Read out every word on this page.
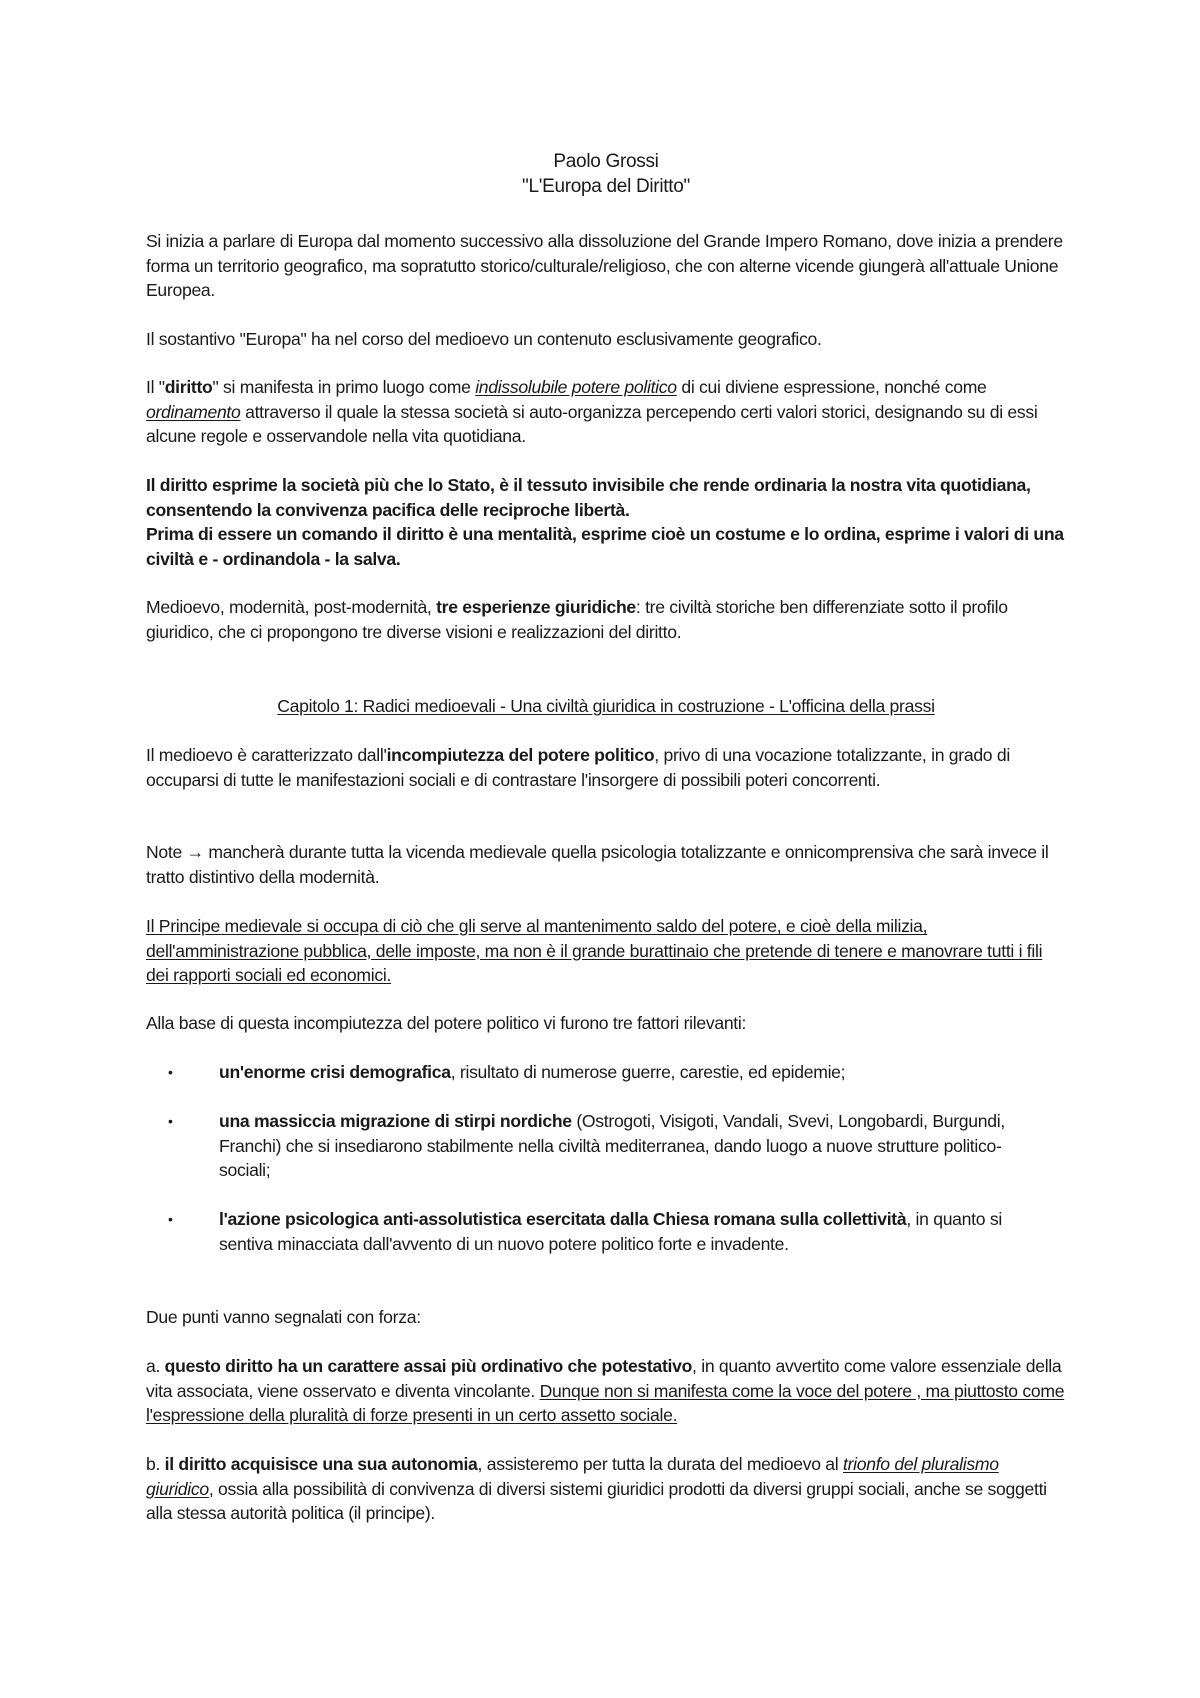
Paolo Grossi

"L'Europa del Diritto"

Si inizia a parlare di Europa dal momento successivo alla dissoluzione del Grande Impero Romano, dove inizia a prendere forma un territorio geografico, ma sopratutto storico/culturale/religioso, che con alterne vicende giungerà all'attuale Unione Europea.

Il sostantivo "Europa" ha nel corso del medioevo un contenuto esclusivamente geografico.

Il "diritto" si manifesta in primo luogo come indissolubile potere politico di cui diviene espressione, nonché come ordinamento attraverso il quale la stessa società si auto-organizza percependo certi valori storici, designando su di essi alcune regole e osservandole nella vita quotidiana.

Il diritto esprime la società più che lo Stato, è il tessuto invisibile che rende ordinaria la nostra vita quotidiana, consentendo la convivenza pacifica delle reciproche libertà.

Prima di essere un comando il diritto è una mentalità, esprime cioè un costume e lo ordina, esprime i valori di una civiltà e - ordinandola - la salva.

Medioevo, modernità, post-modernità, tre esperienze giuridiche: tre civiltà storiche ben differenziate sotto il profilo giuridico, che ci propongono tre diverse visioni e realizzazioni del diritto.

Capitolo 1: Radici medioevali - Una civiltà giuridica in costruzione - L'officina della prassi

Il medioevo è caratterizzato dall'incompiutezza del potere politico, privo di una vocazione totalizzante, in grado di occuparsi di tutte le manifestazioni sociali e di contrastare l'insorgere di possibili poteri concorrenti.

Note → mancherà durante tutta la vicenda medievale quella psicologia totalizzante e onnicomprensiva che sarà invece il tratto distintivo della modernità.

Il Principe medievale si occupa di ciò che gli serve al mantenimento saldo del potere, e cioè della milizia, dell'amministrazione pubblica, delle imposte, ma non è il grande burattinaio che pretende di tenere e manovrare tutti i fili dei rapporti sociali ed economici.

Alla base di questa incompiutezza del potere politico vi furono tre fattori rilevanti:

•	un'enorme crisi demografica, risultato di numerose guerre, carestie, ed epidemie;

•	una massiccia migrazione di stirpi nordiche (Ostrogoti, Visigoti, Vandali, Svevi, Longobardi, Burgundi, Franchi) che si insediarono stabilmente nella civiltà mediterranea, dando luogo a nuove strutture politico-sociali;

•	l'azione psicologica anti-assolutistica esercitata dalla Chiesa romana sulla collettività, in quanto si sentiva minacciata dall'avvento di un nuovo potere politico forte e invadente.

Due punti vanno segnalati con forza:

a. questo diritto ha un carattere assai più ordinativo che potestativo, in quanto avvertito come valore essenziale della vita associata, viene osservato e diventa vincolante. Dunque non si manifesta come la voce del potere , ma piuttosto come l'espressione della pluralità di forze presenti in un certo assetto sociale.

b. il diritto acquisisce una sua autonomia, assisteremo per tutta la durata del medioevo al trionfo del pluralismo giuridico, ossia alla possibilità di convivenza di diversi sistemi giuridici prodotti da diversi gruppi sociali, anche se soggetti alla stessa autorità politica (il principe).
